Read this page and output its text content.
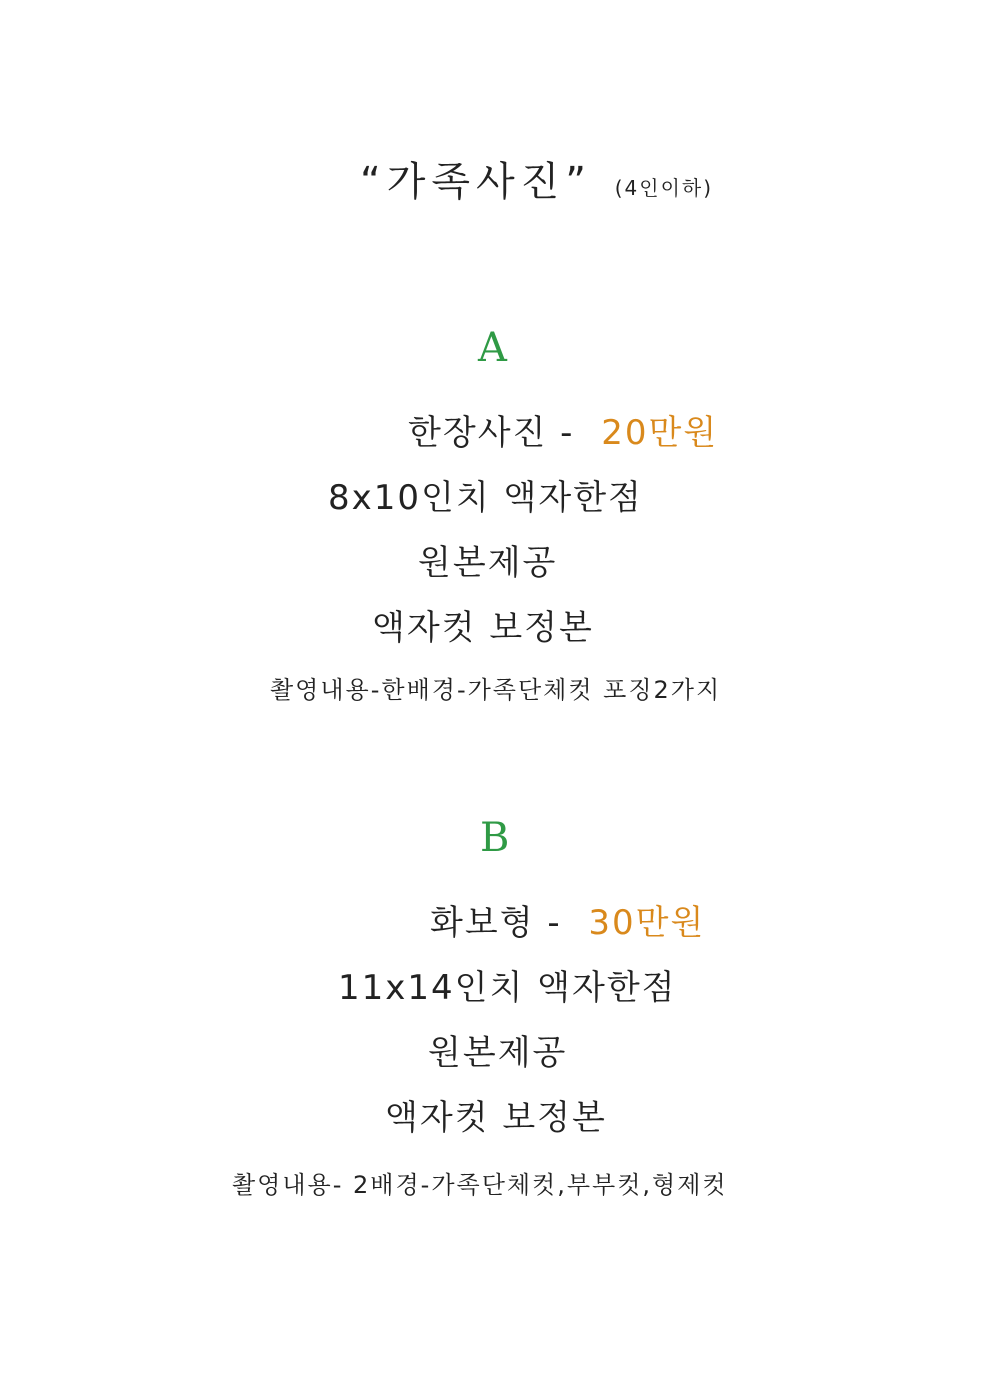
“가족사진” (4인이하)
A
한장사진 - 20만원
8x10인치 액자한점
원본제공
액자컷 보정본
촬영내용-한배경-가족단체컷 포징2가지
B
화보형 - 30만원
11x14인치 액자한점
원본제공
액자컷 보정본
촬영내용- 2배경-가족단체컷,부부컷,형제컷
